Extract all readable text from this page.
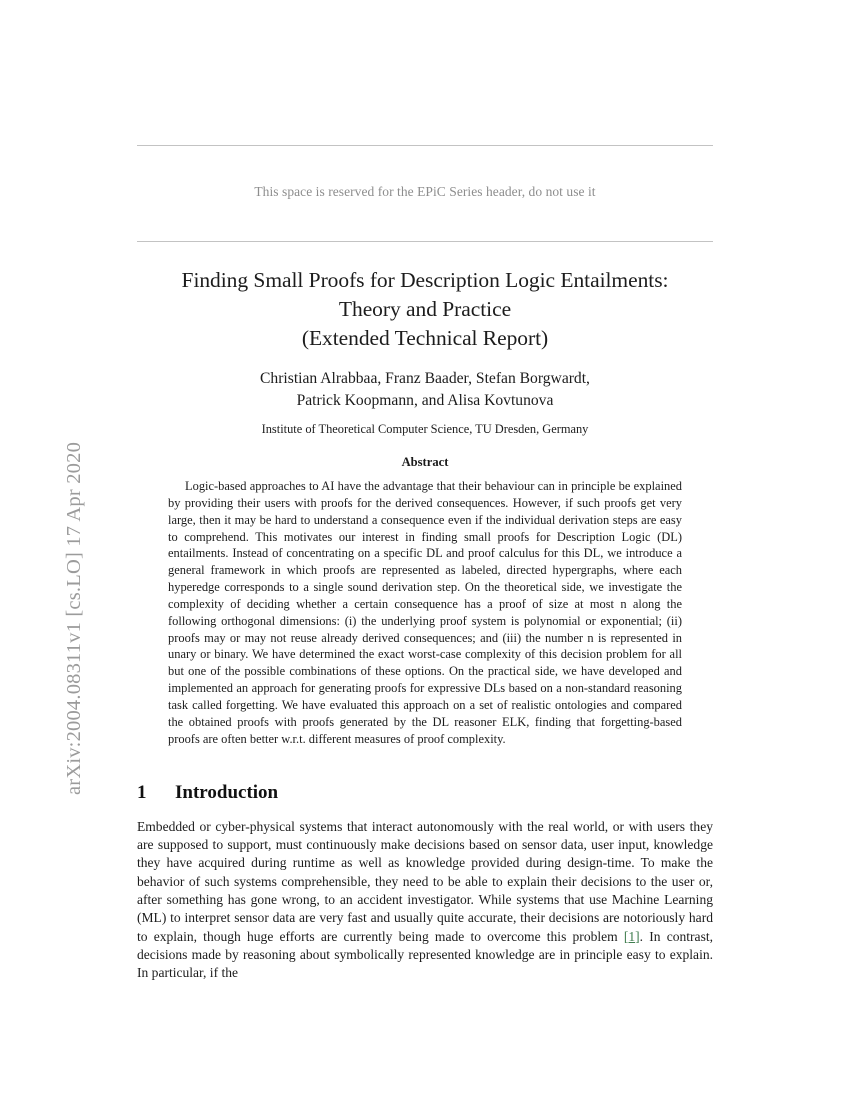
arXiv:2004.08311v1 [cs.LO] 17 Apr 2020
This space is reserved for the EPiC Series header, do not use it
Finding Small Proofs for Description Logic Entailments:
Theory and Practice
(Extended Technical Report)
Christian Alrabbaa, Franz Baader, Stefan Borgwardt,
Patrick Koopmann, and Alisa Kovtunova
Institute of Theoretical Computer Science, TU Dresden, Germany
Abstract
Logic-based approaches to AI have the advantage that their behaviour can in principle be explained by providing their users with proofs for the derived consequences. However, if such proofs get very large, then it may be hard to understand a consequence even if the individual derivation steps are easy to comprehend. This motivates our interest in finding small proofs for Description Logic (DL) entailments. Instead of concentrating on a specific DL and proof calculus for this DL, we introduce a general framework in which proofs are represented as labeled, directed hypergraphs, where each hyperedge corresponds to a single sound derivation step. On the theoretical side, we investigate the complexity of deciding whether a certain consequence has a proof of size at most n along the following orthogonal dimensions: (i) the underlying proof system is polynomial or exponential; (ii) proofs may or may not reuse already derived consequences; and (iii) the number n is represented in unary or binary. We have determined the exact worst-case complexity of this decision problem for all but one of the possible combinations of these options. On the practical side, we have developed and implemented an approach for generating proofs for expressive DLs based on a non-standard reasoning task called forgetting. We have evaluated this approach on a set of realistic ontologies and compared the obtained proofs with proofs generated by the DL reasoner ELK, finding that forgetting-based proofs are often better w.r.t. different measures of proof complexity.
1 Introduction
Embedded or cyber-physical systems that interact autonomously with the real world, or with users they are supposed to support, must continuously make decisions based on sensor data, user input, knowledge they have acquired during runtime as well as knowledge provided during design-time. To make the behavior of such systems comprehensible, they need to be able to explain their decisions to the user or, after something has gone wrong, to an accident investigator. While systems that use Machine Learning (ML) to interpret sensor data are very fast and usually quite accurate, their decisions are notoriously hard to explain, though huge efforts are currently being made to overcome this problem [1]. In contrast, decisions made by reasoning about symbolically represented knowledge are in principle easy to explain. In particular, if the
